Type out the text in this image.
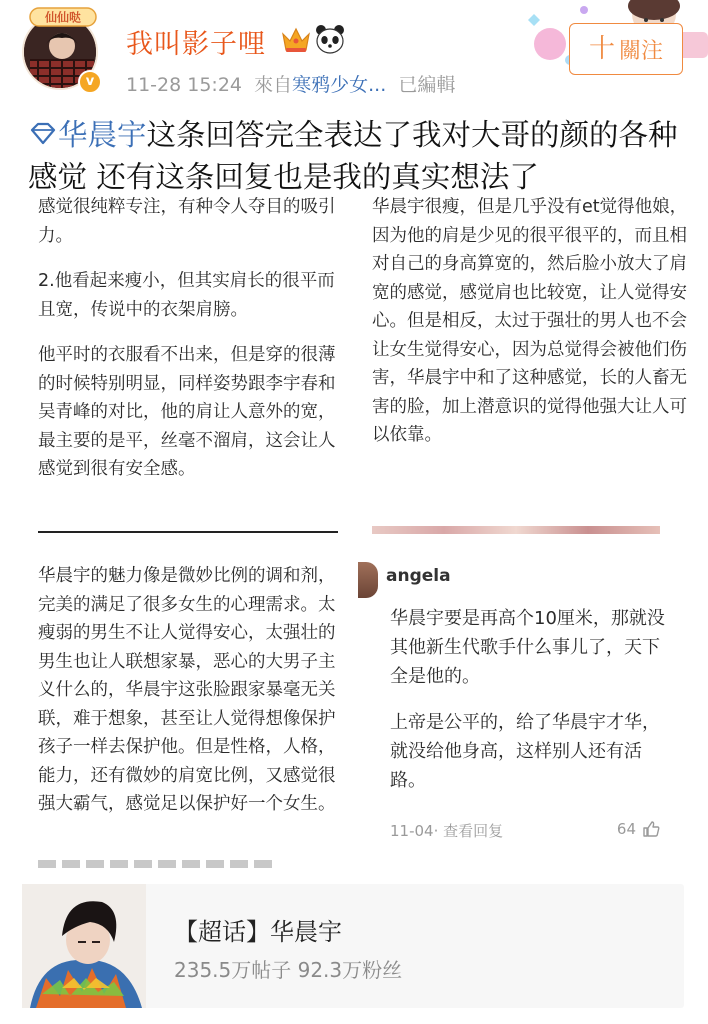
仙仙哒
v
我叫影子哩
11-28 15:24 來自寒鸦少女... 已編輯
十 關注
华晨宇这条回答完全表达了我对大哥的颜的各种感觉 还有这条回复也是我的真实想法了

感觉很纯粹专注，有种令人夺目的吸引力。

2.他看起来瘦小，但其实肩长的很平而且宽，传说中的衣架肩膀。

他平时的衣服看不出来，但是穿的很薄的时候特别明显，同样姿势跟李宇春和吴青峰的对比，他的肩让人意外的宽，最主要的是平，丝毫不溜肩，这会让人感觉到很有安全感。

华晨宇很瘦，但是几乎没有et觉得他娘，因为他的肩是少见的很平很平的，而且相对自己的身高算宽的，然后脸小放大了肩宽的感觉，感觉肩也比较宽，让人觉得安心。但是相反，太过于强壮的男人也不会让女生觉得安心，因为总觉得会被他们伤害，华晨宇中和了这种感觉，长的人畜无害的脸，加上潜意识的觉得他强大让人可以依靠。

华晨宇的魅力像是微妙比例的调和剂，完美的满足了很多女生的心理需求。太瘦弱的男生不让人觉得安心，太强壮的男生也让人联想家暴，恶心的大男子主义什么的，华晨宇这张脸跟家暴毫无关联，难于想象，甚至让人觉得想像保护孩子一样去保护他。但是性格，人格，能力，还有微妙的肩宽比例，又感觉很强大霸气，感觉足以保护好一个女生。

angela

华晨宇要是再高个10厘米，那就没
其他新生代歌手什么事儿了，天下
全是他的。

上帝是公平的，给了华晨宇才华，
就没给他身高，这样别人还有活
路。

11-04· 查看回复	64
【超话】华晨宇
235.5万帖子 92.3万粉丝
